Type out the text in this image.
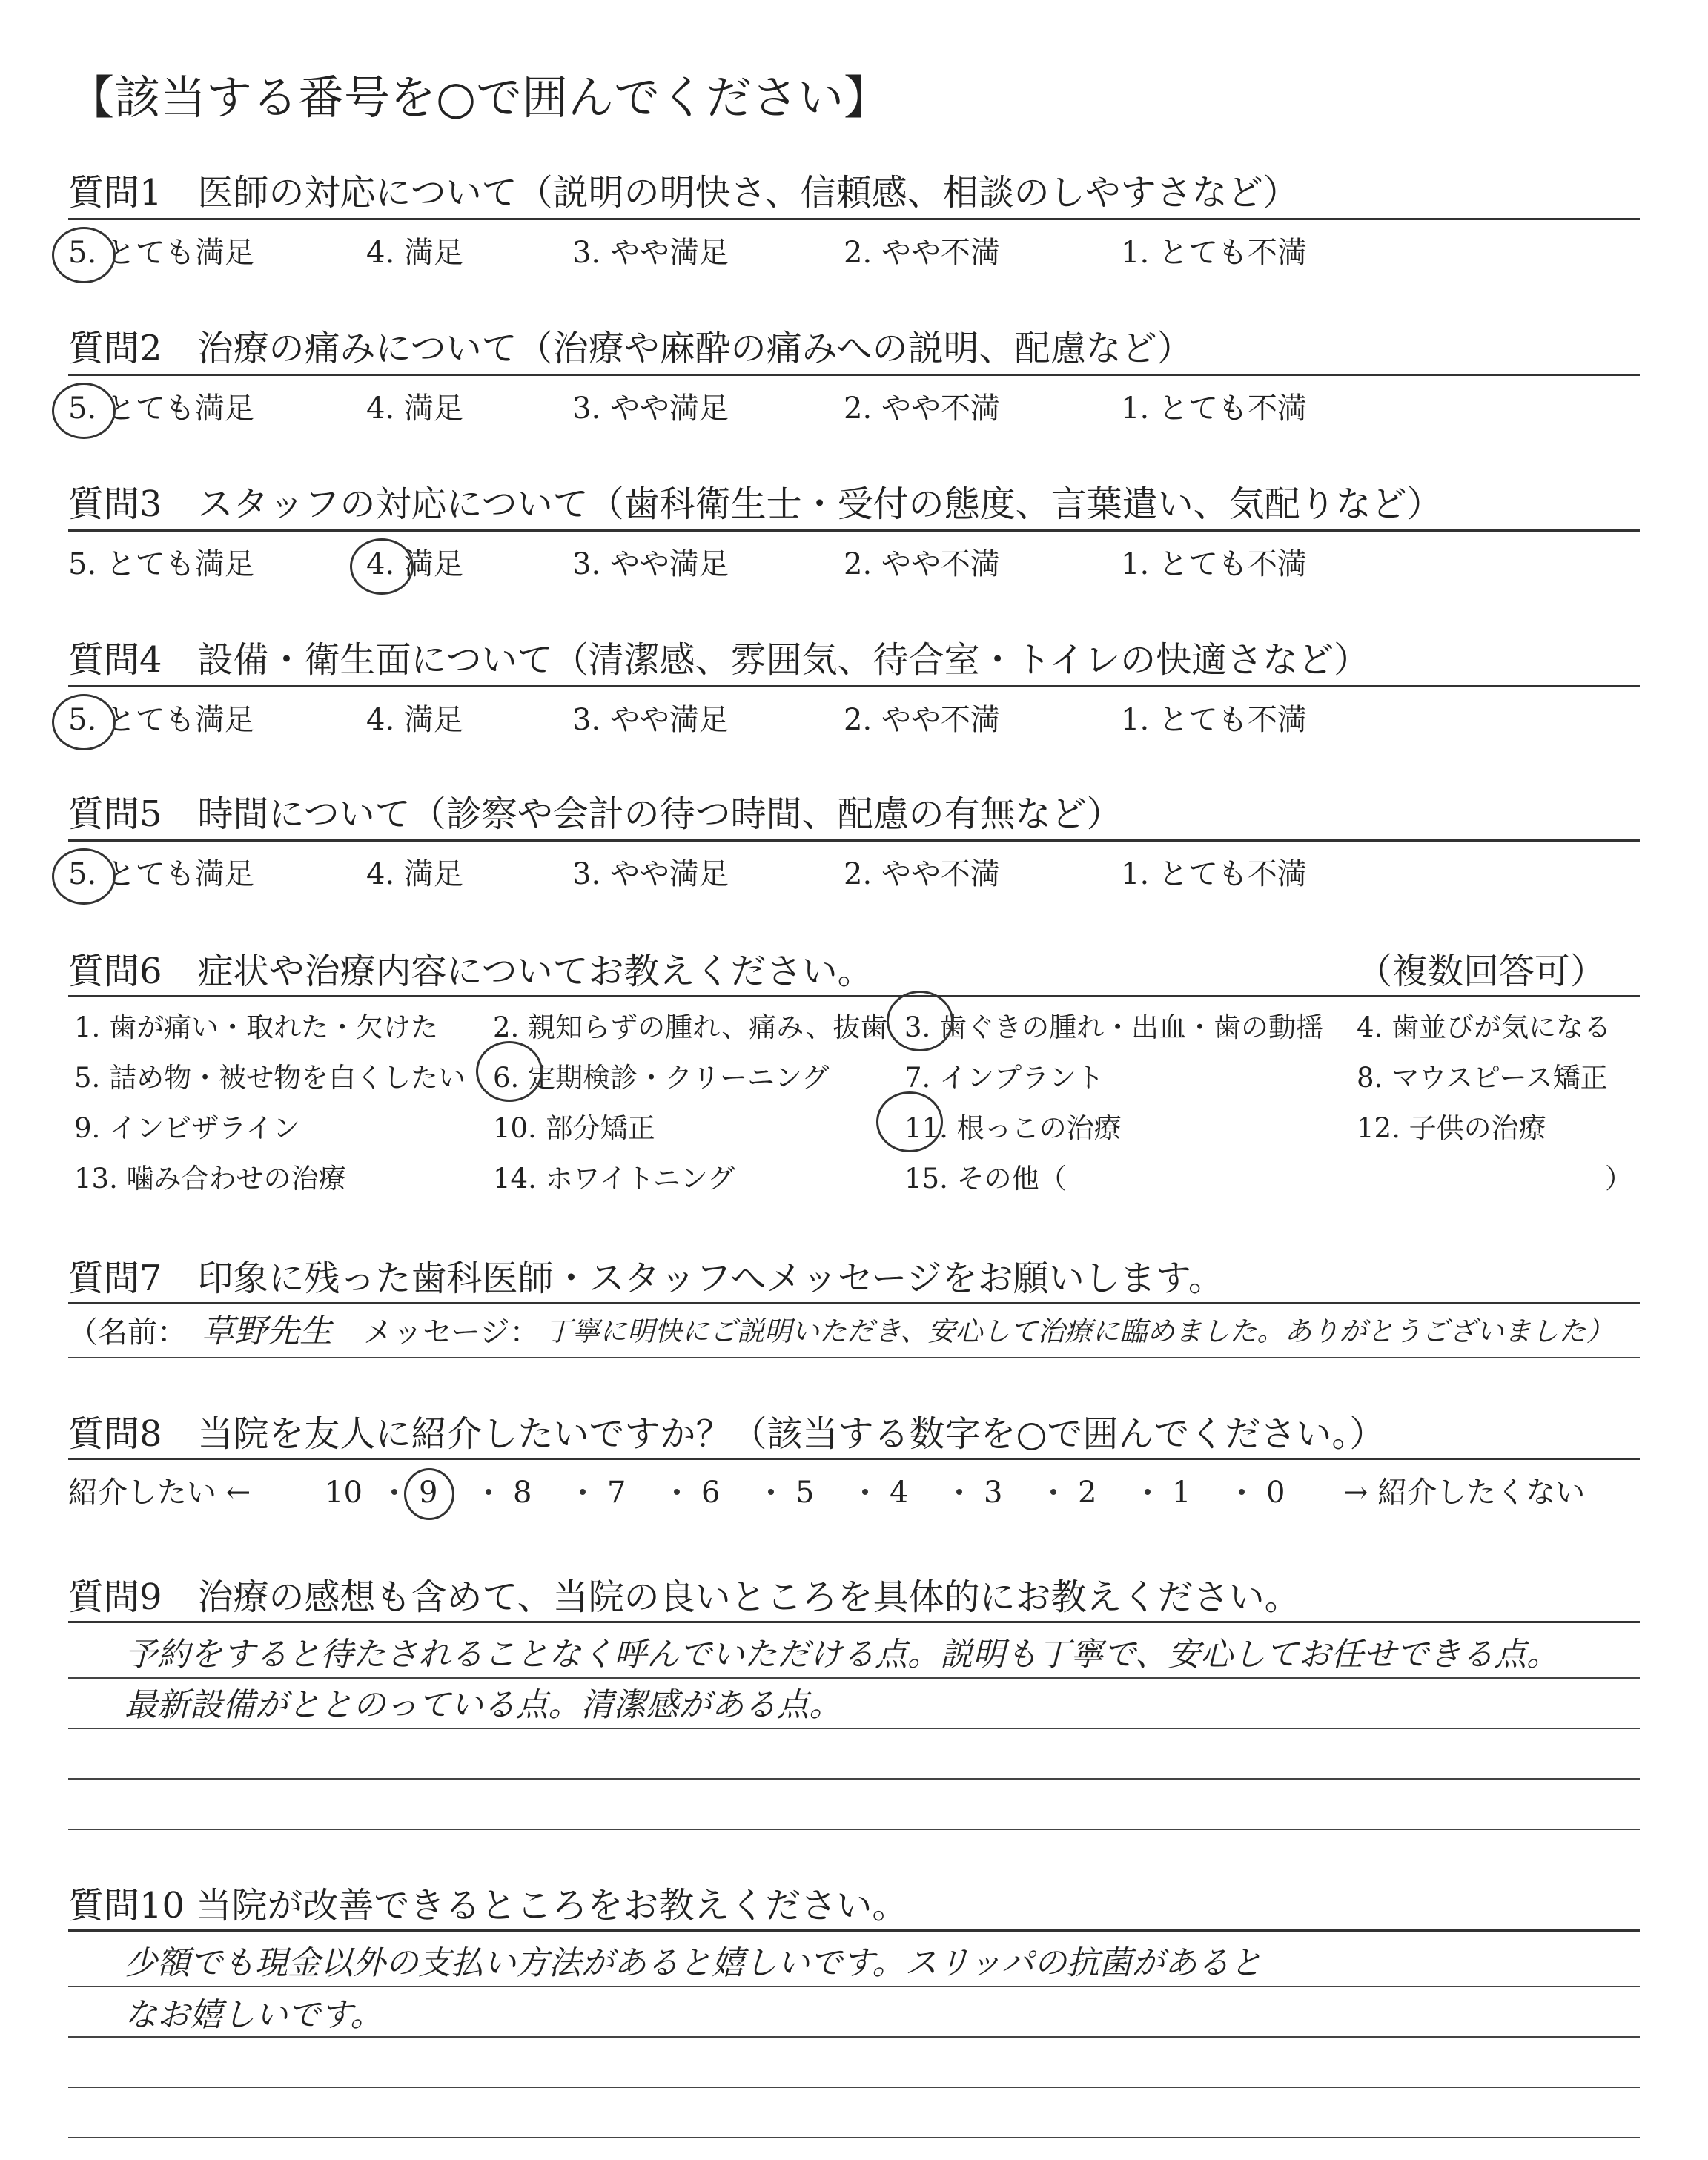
【該当する番号を○で囲んでください】
質問1　医師の対応について（説明の明快さ、信頼感、相談のしやすさなど）
5. とても満足	4. 満足	3. やや満足	2. やや不満	1. とても不満
質問2　治療の痛みについて（治療や麻酔の痛みへの説明、配慮など）
5. とても満足	4. 満足	3. やや満足	2. やや不満	1. とても不満
質問3　スタッフの対応について（歯科衛生士・受付の態度、言葉遣い、気配りなど）
5. とても満足	4. 満足	3. やや満足	2. やや不満	1. とても不満
質問4　設備・衛生面について（清潔感、雰囲気、待合室・トイレの快適さなど）
5. とても満足	4. 満足	3. やや満足	2. やや不満	1. とても不満
質問5　時間について（診察や会計の待つ時間、配慮の有無など）
5. とても満足	4. 満足	3. やや満足	2. やや不満	1. とても不満
質問6　症状や治療内容についてお教えください。	（複数回答可）
1. 歯が痛い・取れた・欠けた 2. 親知らずの腫れ、痛み、抜歯 3. 歯ぐきの腫れ・出血・歯の動揺 4. 歯並びが気になる
5. 詰め物・被せ物を白くしたい 6. 定期検診・クリーニング	7. インプラント	8. マウスピース矯正
9. インビザライン	10. 部分矯正	11. 根っこの治療	12. 子供の治療
13. 噛み合わせの治療	14. ホワイトニング	15. その他（	）
質問7　印象に残った歯科医師・スタッフへメッセージをお願いします。
（名前： 草野先生 メッセージ： 丁寧に明快にご説明いただき、安心して治療に臨めました。ありがとうございました）
質問8　当院を友人に紹介したいですか？（該当する数字を○で囲んでください。）
紹介したい ←	→ 紹介したくない
10 9	8	7	6	5	4	3	2	1	0
質問9　治療の感想も含めて、当院の良いところを具体的にお教えください。
予約をすると待たされることなく呼んでいただける点。説明も丁寧で、安心してお任せできる点。
最新設備がととのっている点。清潔感がある点。
質問10 当院が改善できるところをお教えください。
少額でも現金以外の支払い方法があると嬉しいです。スリッパの抗菌があると
なお嬉しいです。
